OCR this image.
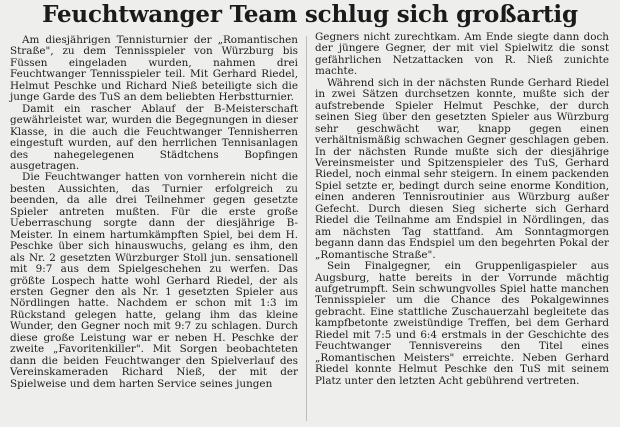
Feuchtwanger Team schlug sich großartig

Am diesjährigen Tennisturnier der „Romantischen Straße", zu dem Tennisspieler von Würzburg bis Füssen eingeladen wurden, nahmen drei Feuchtwanger Tennisspieler teil. Mit Gerhard Riedel, Helmut Peschke und Richard Nieß beteiligte sich die junge Garde des TuS an dem beliebten Herbstturnier.

Damit ein rascher Ablauf der B-Meisterschaft gewährleistet war, wurden die Begegnungen in dieser Klasse, in die auch die Feuchtwanger Tennisherren eingestuft wurden, auf den herrlichen Tennisanlagen des nahegelegenen Städtchens Bopfingen ausgetragen.

Die Feuchtwanger hatten von vornherein nicht die besten Aussichten, das Turnier erfolgreich zu beenden, da alle drei Teilnehmer gegen gesetzte Spieler antreten mußten. Für die erste große Ueberraschung sorgte dann der diesjährige B-Meister. In einem hartumkämpften Spiel, bei dem H. Peschke über sich hinauswuchs, gelang es ihm, den als Nr. 2 gesetzten Würzburger Stoll jun. sensationell mit 9:7 aus dem Spielgeschehen zu werfen. Das größte Lospech hatte wohl Gerhard Riedel, der als ersten Gegner den als Nr. 1 gesetzten Spieler aus Nördlingen hatte. Nachdem er schon mit 1:3 im Rückstand gelegen hatte, gelang ihm das kleine Wunder, den Gegner noch mit 9:7 zu schlagen. Durch diese große Leistung war er neben H. Peschke der zweite „Favoritenkiller". Mit Sorgen beobachteten dann die beiden Feuchtwanger den Spielverlauf des Vereinskameraden Richard Nieß, der mit der Spielweise und dem harten Service seines jungen

Gegners nicht zurechtkam. Am Ende siegte dann doch der jüngere Gegner, der mit viel Spielwitz die sonst gefährlichen Netzattacken von R. Nieß zunichte machte.

Während sich in der nächsten Runde Gerhard Riedel in zwei Sätzen durchsetzen konnte, mußte sich der aufstrebende Spieler Helmut Peschke, der durch seinen Sieg über den gesetzten Spieler aus Würzburg sehr geschwächt war, knapp gegen einen verhältnismäßig schwachen Gegner geschlagen geben. In der nächsten Runde mußte sich der diesjährige Vereinsmeister und Spitzenspieler des TuS, Gerhard Riedel, noch einmal sehr steigern. In einem packenden Spiel setzte er, bedingt durch seine enorme Kondition, einen anderen Tennisroutinier aus Würzburg außer Gefecht. Durch diesen Sieg sicherte sich Gerhard Riedel die Teilnahme am Endspiel in Nördlingen, das am nächsten Tag stattfand. Am Sonntagmorgen begann dann das Endspiel um den begehrten Pokal der „Romantische Straße".

Sein Finalgegner, ein Gruppenligaspieler aus Augsburg, hatte bereits in der Vorrunde mächtig aufgetrumpft. Sein schwungvolles Spiel hatte manchen Tennisspieler um die Chance des Pokalgewinnes gebracht. Eine stattliche Zuschauerzahl begleitete das kampfbetonte zweistündige Treffen, bei dem Gerhard Riedel mit 7:5 und 6:4 erstmals in der Geschichte des Feuchtwanger Tennisvereins den Titel eines „Romantischen Meisters" erreichte. Neben Gerhard Riedel konnte Helmut Peschke den TuS mit seinem Platz unter den letzten Acht gebührend vertreten.
